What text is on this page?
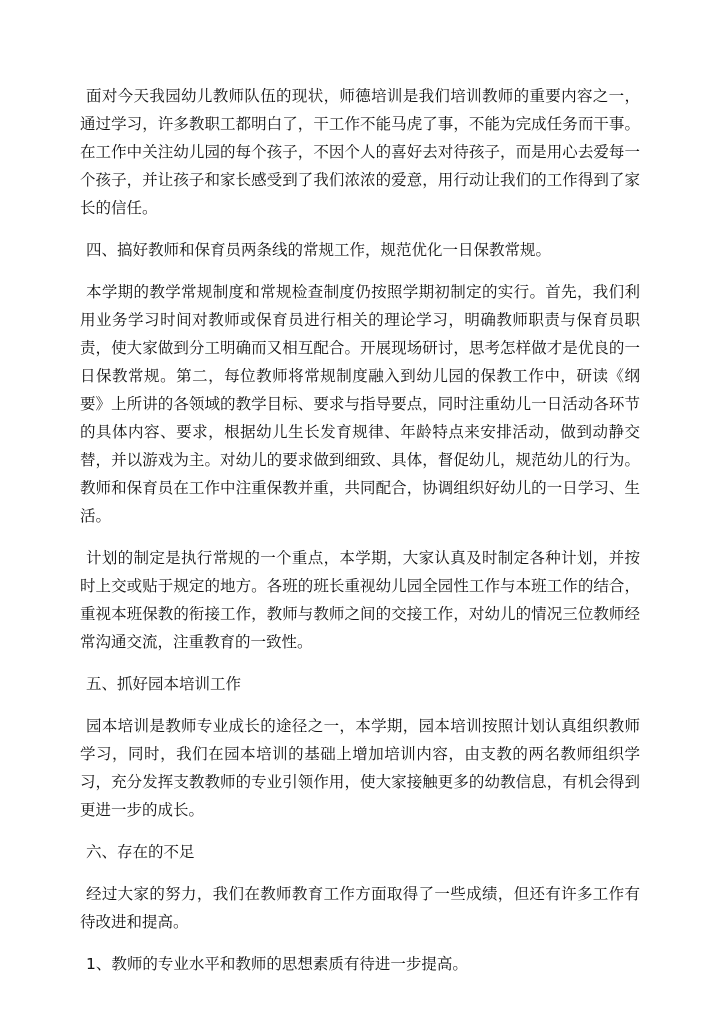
面对今天我园幼儿教师队伍的现状，师德培训是我们培训教师的重要内容之一，通过学习，许多教职工都明白了，干工作不能马虎了事，不能为完成任务而干事。在工作中关注幼儿园的每个孩子，不因个人的喜好去对待孩子，而是用心去爱每一个孩子，并让孩子和家长感受到了我们浓浓的爱意，用行动让我们的工作得到了家长的信任。

四、搞好教师和保育员两条线的常规工作，规范优化一日保教常规。

本学期的教学常规制度和常规检查制度仍按照学期初制定的实行。首先，我们利用业务学习时间对教师或保育员进行相关的理论学习，明确教师职责与保育员职责，使大家做到分工明确而又相互配合。开展现场研讨，思考怎样做才是优良的一日保教常规。第二，每位教师将常规制度融入到幼儿园的保教工作中，研读《纲要》上所讲的各领域的教学目标、要求与指导要点，同时注重幼儿一日活动各环节的具体内容、要求，根据幼儿生长发育规律、年龄特点来安排活动，做到动静交替，并以游戏为主。对幼儿的要求做到细致、具体，督促幼儿，规范幼儿的行为。教师和保育员在工作中注重保教并重，共同配合，协调组织好幼儿的一日学习、生活。

计划的制定是执行常规的一个重点，本学期，大家认真及时制定各种计划，并按时上交或贴于规定的地方。各班的班长重视幼儿园全园性工作与本班工作的结合，重视本班保教的衔接工作，教师与教师之间的交接工作，对幼儿的情况三位教师经常沟通交流，注重教育的一致性。

五、抓好园本培训工作

园本培训是教师专业成长的途径之一，本学期，园本培训按照计划认真组织教师学习，同时，我们在园本培训的基础上增加培训内容，由支教的两名教师组织学习，充分发挥支教教师的专业引领作用，使大家接触更多的幼教信息，有机会得到更进一步的成长。

六、存在的不足

经过大家的努力，我们在教师教育工作方面取得了一些成绩，但还有许多工作有待改进和提高。

1、教师的专业水平和教师的思想素质有待进一步提高。
